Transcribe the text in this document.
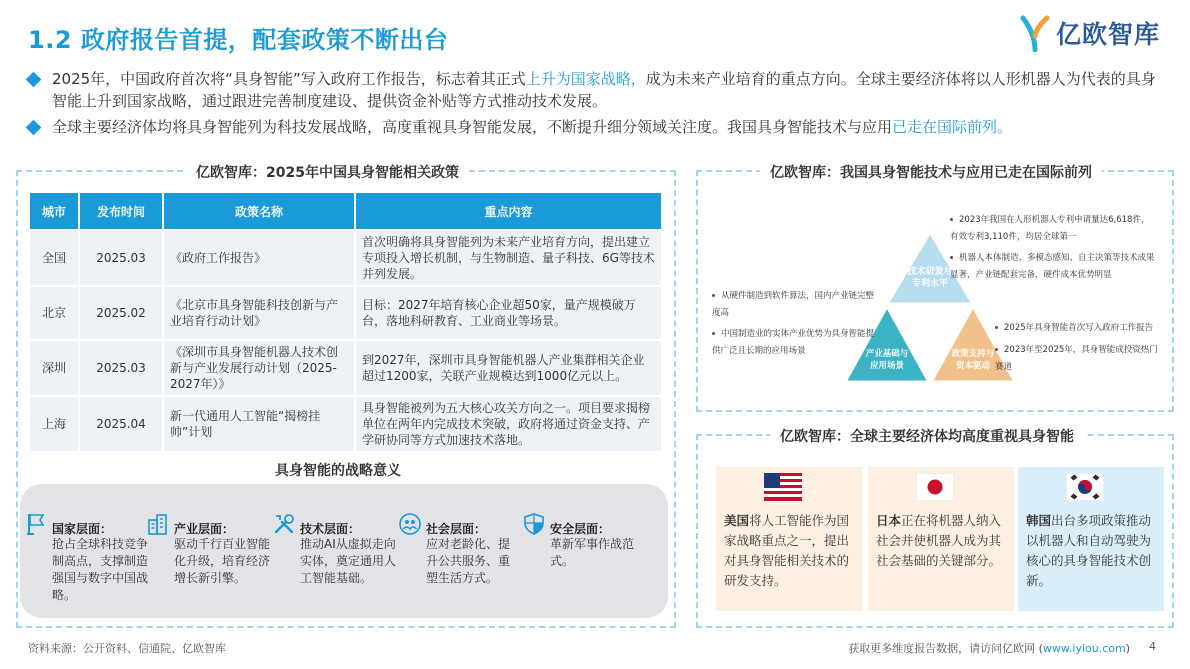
1.2 政府报告首提，配套政策不断出台	亿欧智库
2025年，中国政府首次将“具身智能”写入政府工作报告，标志着其正式上升为国家战略，成为未来产业培育的重点方向。全球主要经济体将以人形机器人为代表的具身智能上升到国家战略，通过跟进完善制度建设、提供资金补贴等方式推动技术发展。
全球主要经济体均将具身智能列为科技发展战略，高度重视具身智能发展，不断提升细分领域关注度。我国具身智能技术与应用已走在国际前列。
亿欧智库：2025年中国具身智能相关政策
城市	发布时间	政策名称	重点内容
全国	2025.03	《政府工作报告》	首次明确将具身智能列为未来产业培育方向，提出建立专项投入增长机制，与生物制造、量子科技、6G等技术并列发展。
北京	2025.02	《北京市具身智能科技创新与产业培育行动计划》	目标：2027年培育核心企业超50家，量产规模破万台，落地科研教育、工业商业等场景。
深圳	2025.03	《深圳市具身智能机器人技术创新与产业发展行动计划（2025-2027年）》	到2027年，深圳市具身智能机器人产业集群相关企业超过1200家，关联产业规模达到1000亿元以上。
上海	2025.04	新一代通用人工智能“揭榜挂帅”计划	具身智能被列为五大核心攻关方向之一。项目要求揭榜单位在两年内完成技术突破，政府将通过资金支持、产学研协同等方式加速技术落地。
具身智能的战略意义
国家层面：
抢占全球科技竞争制高点，支撑制造强国与数字中国战略。
产业层面：
驱动千行百业智能化升级，培育经济增长新引擎。
技术层面：
推动AI从虚拟走向实体，奠定通用人工智能基础。
社会层面：
应对老龄化、提升公共服务、重塑生活方式。
安全层面：
革新军事作战范式。
亿欧智库：我国具身智能技术与应用已走在国际前列
技术研发与专利水平
产业基础与应用场景
政策支持与资本驱动
2023年我国在人形机器人专利申请量达6,618件，有效专利3,110件，均居全球第一
机器人本体制造、多模态感知、自主决策等技术成果显著，产业链配套完备，硬件成本优势明显
从硬件制造到软件算法，国内产业链完整度高
中国制造业的实体产业优势为具身智能提供广泛且长期的应用场景
2025年具身智能首次写入政府工作报告
2023年至2025年，具身智能成投资热门赛道
亿欧智库：全球主要经济体均高度重视具身智能
美国将人工智能作为国家战略重点之一，提出对具身智能相关技术的研发支持。
日本正在将机器人纳入社会并使机器人成为其社会基础的关键部分。
韩国出台多项政策推动以机器人和自动驾驶为核心的具身智能技术创新。
资料来源：公开资料、信通院、亿欧智库	获取更多维度报告数据，请访问亿欧网 (www.iyiou.com) 4
